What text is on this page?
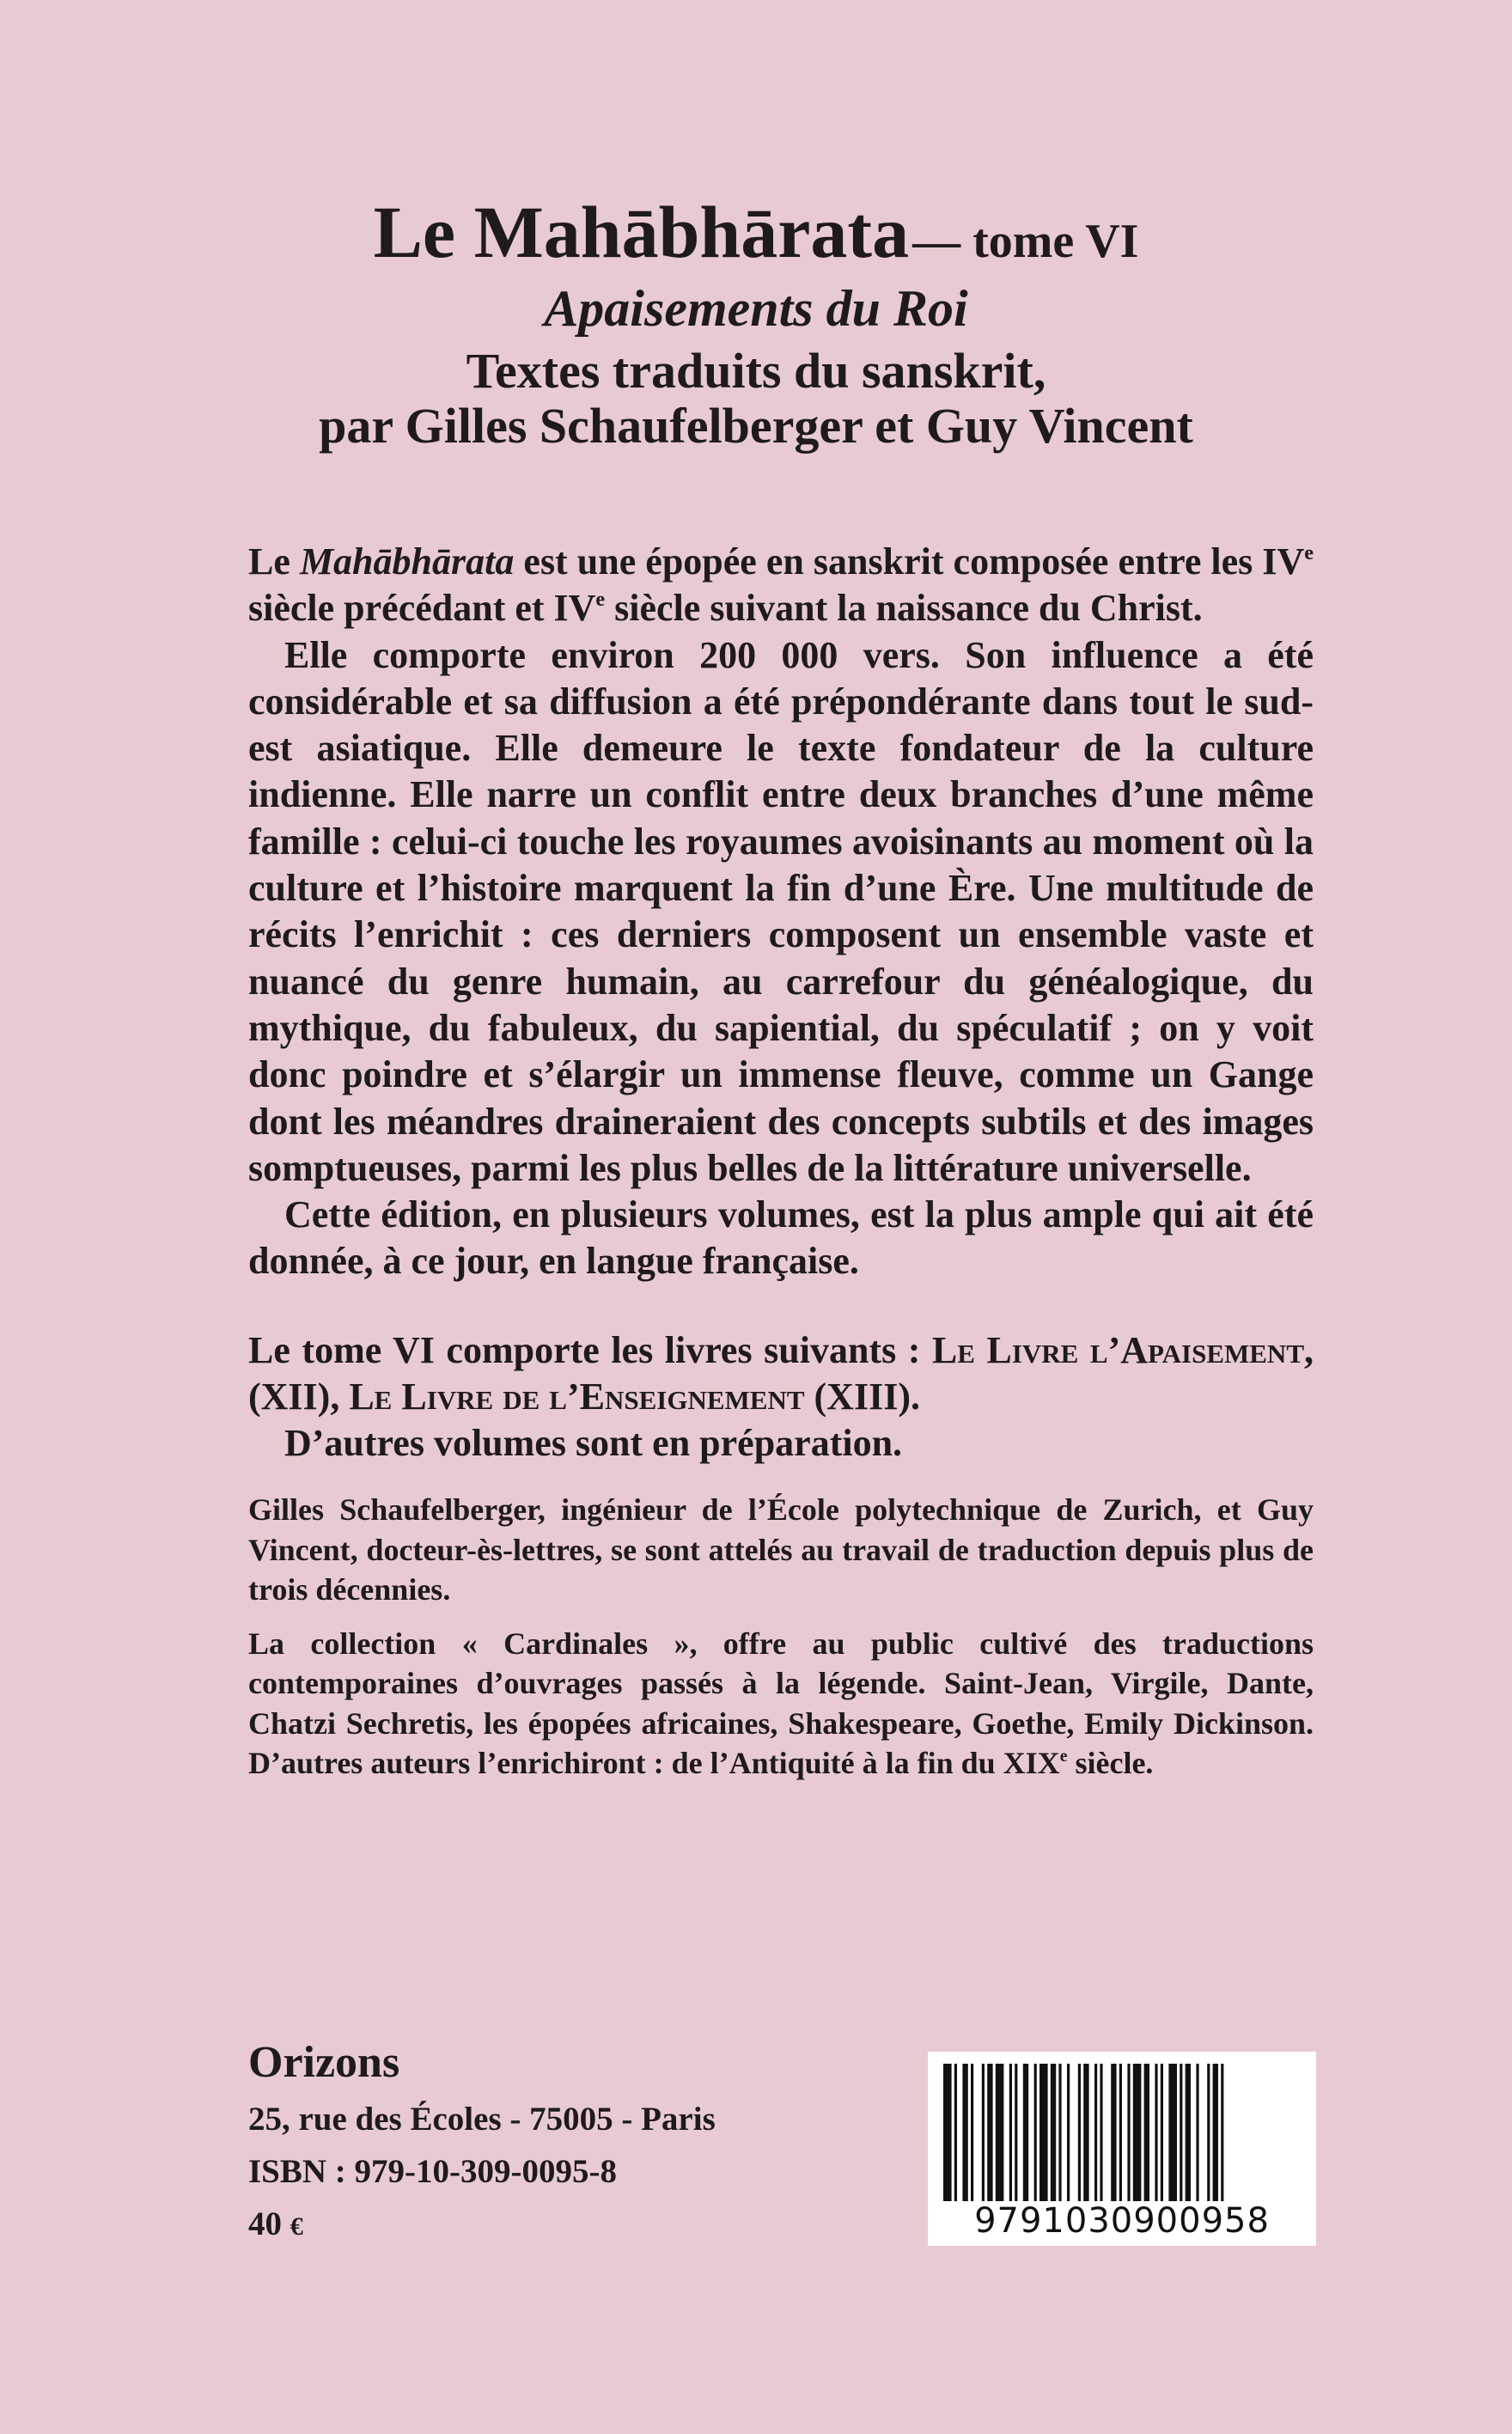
Le Mahābhārata — tome VI
Apaisements du Roi
Textes traduits du sanskrit,
par Gilles Schaufelberger et Guy Vincent

Le Mahābhārata est une épopée en sanskrit composée entre les IVe siècle précédant et IVe siècle suivant la naissance du Christ.

Elle comporte environ 200 000 vers. Son influence a été considérable et sa diffusion a été prépondérante dans tout le sud-est asiatique. Elle demeure le texte fondateur de la culture indienne. Elle narre un conflit entre deux branches d’une même famille : celui-ci touche les royaumes avoisinants au moment où la culture et l’histoire marquent la fin d’une Ère. Une multitude de récits l’enrichit : ces derniers composent un ensemble vaste et nuancé du genre humain, au carrefour du généalogique, du mythique, du fabuleux, du sapiential, du spéculatif ; on y voit donc poindre et s’élargir un immense fleuve, comme un Gange dont les méandres draineraient des concepts subtils et des images somptueuses, parmi les plus belles de la littérature universelle.

Cette édition, en plusieurs volumes, est la plus ample qui ait été donnée, à ce jour, en langue française.

Le tome VI comporte les livres suivants : Le Livre l’Apaisement, (XII), Le Livre de l’Enseignement (XIII).

D’autres volumes sont en préparation.

Gilles Schaufelberger, ingénieur de l’École polytechnique de Zurich, et Guy Vincent, docteur-ès-lettres, se sont attelés au travail de traduction depuis plus de trois décennies.

La collection « Cardinales », offre au public cultivé des traductions contemporaines d’ouvrages passés à la légende. Saint-Jean, Virgile, Dante, Chatzi Sechretis, les épopées africaines, Shakespeare, Goethe, Emily Dickinson. D’autres auteurs l’enrichiront : de l’Antiquité à la fin du XIXe siècle.

Orizons
25, rue des Écoles - 75005 - Paris
ISBN : 979-10-309-0095-8
40 €	9791030900958
